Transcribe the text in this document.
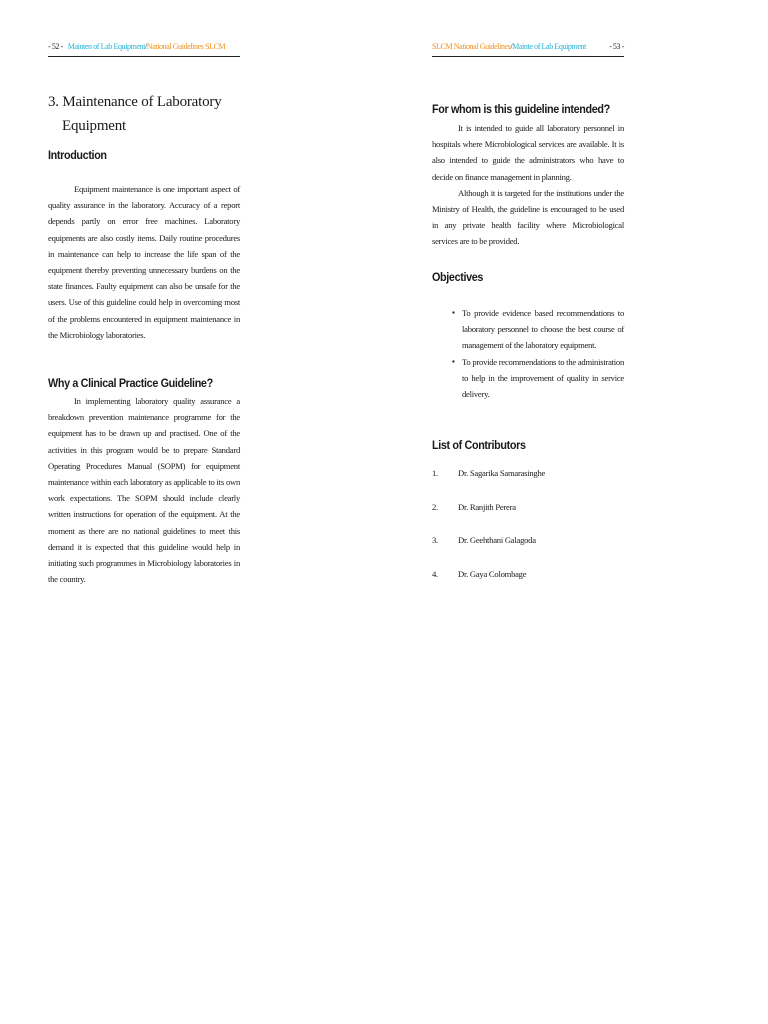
- 52 - Mainten of Lab Equipment/National Guidelines SLCM
3. Maintenance of Laboratory
Equipment
Introduction

Equipment maintenance is one important aspect of quality assurance in the laboratory. Accuracy of a report depends partly on error free machines. Laboratory equipments are also costly items. Daily routine procedures in maintenance can help to increase the life span of the equipment thereby preventing unnecessary burdens on the state finances. Faulty equipment can also be unsafe for the users. Use of this guideline could help in overcoming most of the problems encountered in equipment maintenance in the Microbiology laboratories.

Why a Clinical Practice Guideline?

In implementing laboratory quality assurance a breakdown prevention maintenance programme for the equipment has to be drawn up and practised. One of the activities in this program would be to prepare Standard Operating Procedures Manual (SOPM) for equipment maintenance within each laboratory as applicable to its own work expectations. The SOPM should include clearly written instructions for operation of the equipment. At the moment as there are no national guidelines to meet this demand it is expected that this guideline would help in initiating such programmes in Microbiology laboratories in the country.

SLCM National Guidelines/Mainte of Lab Equipment	- 53 -
For whom is this guideline intended?

It is intended to guide all laboratory personnel in hospitals where Microbiological services are available. It is also intended to guide the administrators who have to decide on finance management in planning.

Although it is targeted for the institutions under the Ministry of Health, the guideline is encouraged to be used in any private health facility where Microbiological services are to be provided.

Objectives
▪ To provide evidence based recommendations to laboratory personnel to choose the best course of management of the laboratory equipment.
▪ To provide recommendations to the administration to help in the improvement of quality in service delivery.
List of Contributors
1. Dr. Sagarika Samarasinghe
2. Dr. Ranjith Perera
3. Dr. Geehthani Galagoda
4. Dr. Gaya Colombage
